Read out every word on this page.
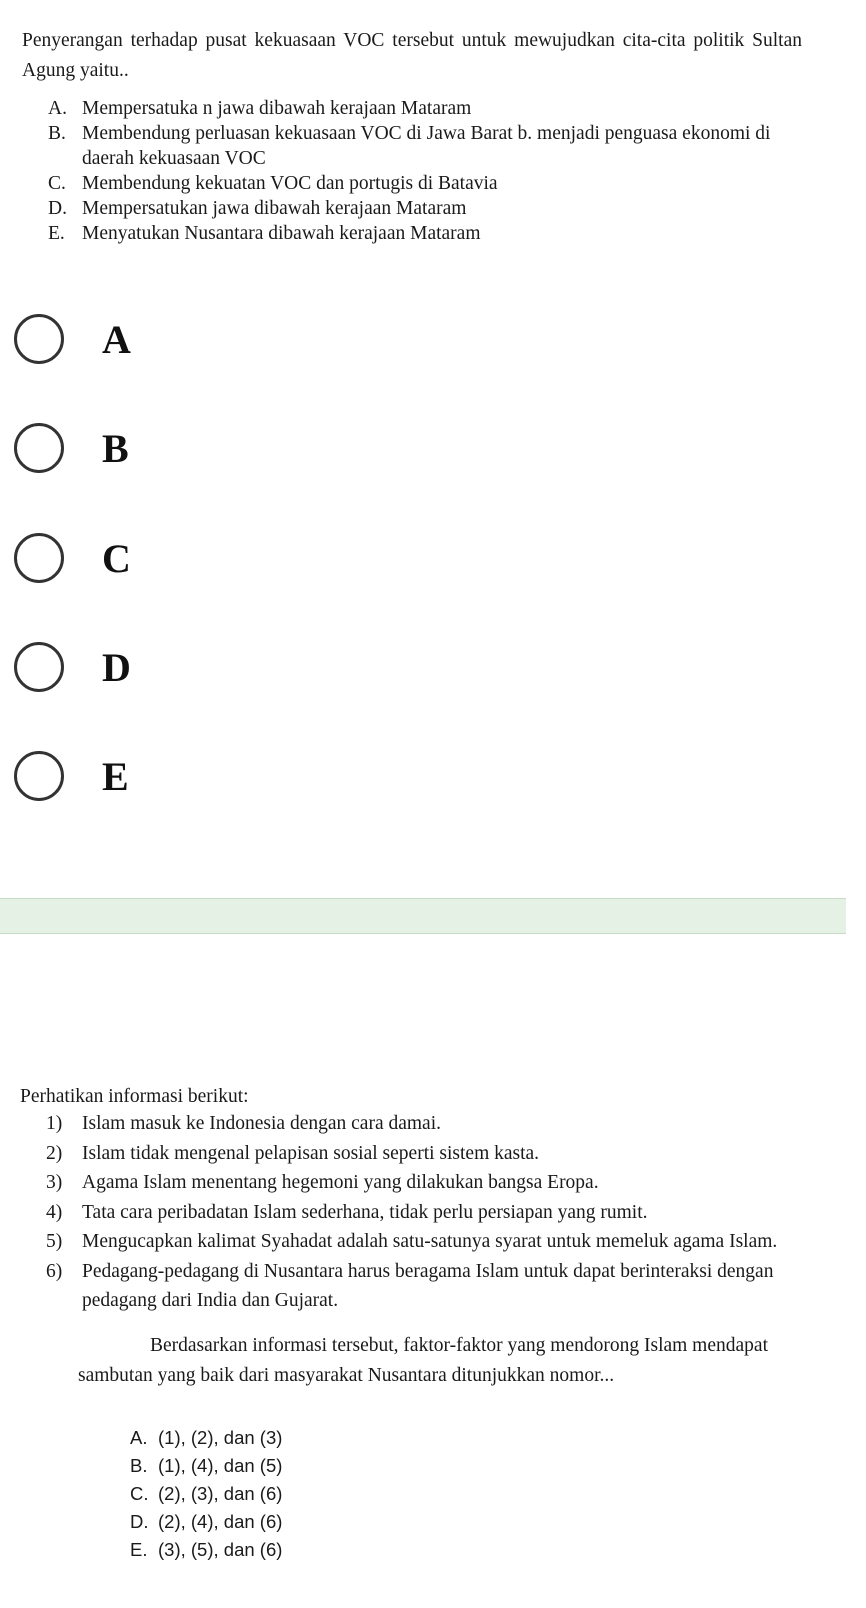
Penyerangan terhadap pusat kekuasaan VOC tersebut untuk mewujudkan cita-cita politik Sultan Agung yaitu..
A. Mempersatuka n jawa dibawah kerajaan Mataram
B. Membendung perluasan kekuasaan VOC di Jawa Barat b. menjadi penguasa ekonomi di daerah kekuasaan VOC
C. Membendung kekuatan VOC dan portugis di Batavia
D. Mempersatukan jawa dibawah kerajaan Mataram
E. Menyatukan Nusantara dibawah kerajaan Mataram
A
B
C
D
E
Perhatikan informasi berikut:
1)	Islam masuk ke Indonesia dengan cara damai.
2)	Islam tidak mengenal pelapisan sosial seperti sistem kasta.
3)	Agama Islam menentang hegemoni yang dilakukan bangsa Eropa.
4)	Tata cara peribadatan Islam sederhana, tidak perlu persiapan yang rumit.
5)	Mengucapkan kalimat Syahadat adalah satu-satunya syarat untuk memeluk agama Islam.
6)	Pedagang-pedagang di Nusantara harus beragama Islam untuk dapat berinteraksi dengan pedagang dari India dan Gujarat.
Berdasarkan informasi tersebut, faktor-faktor yang mendorong Islam mendapat sambutan yang baik dari masyarakat Nusantara ditunjukkan nomor...
A. (1), (2), dan (3)
B. (1), (4), dan (5)
C. (2), (3), dan (6)
D. (2), (4), dan (6)
E. (3), (5), dan (6)
